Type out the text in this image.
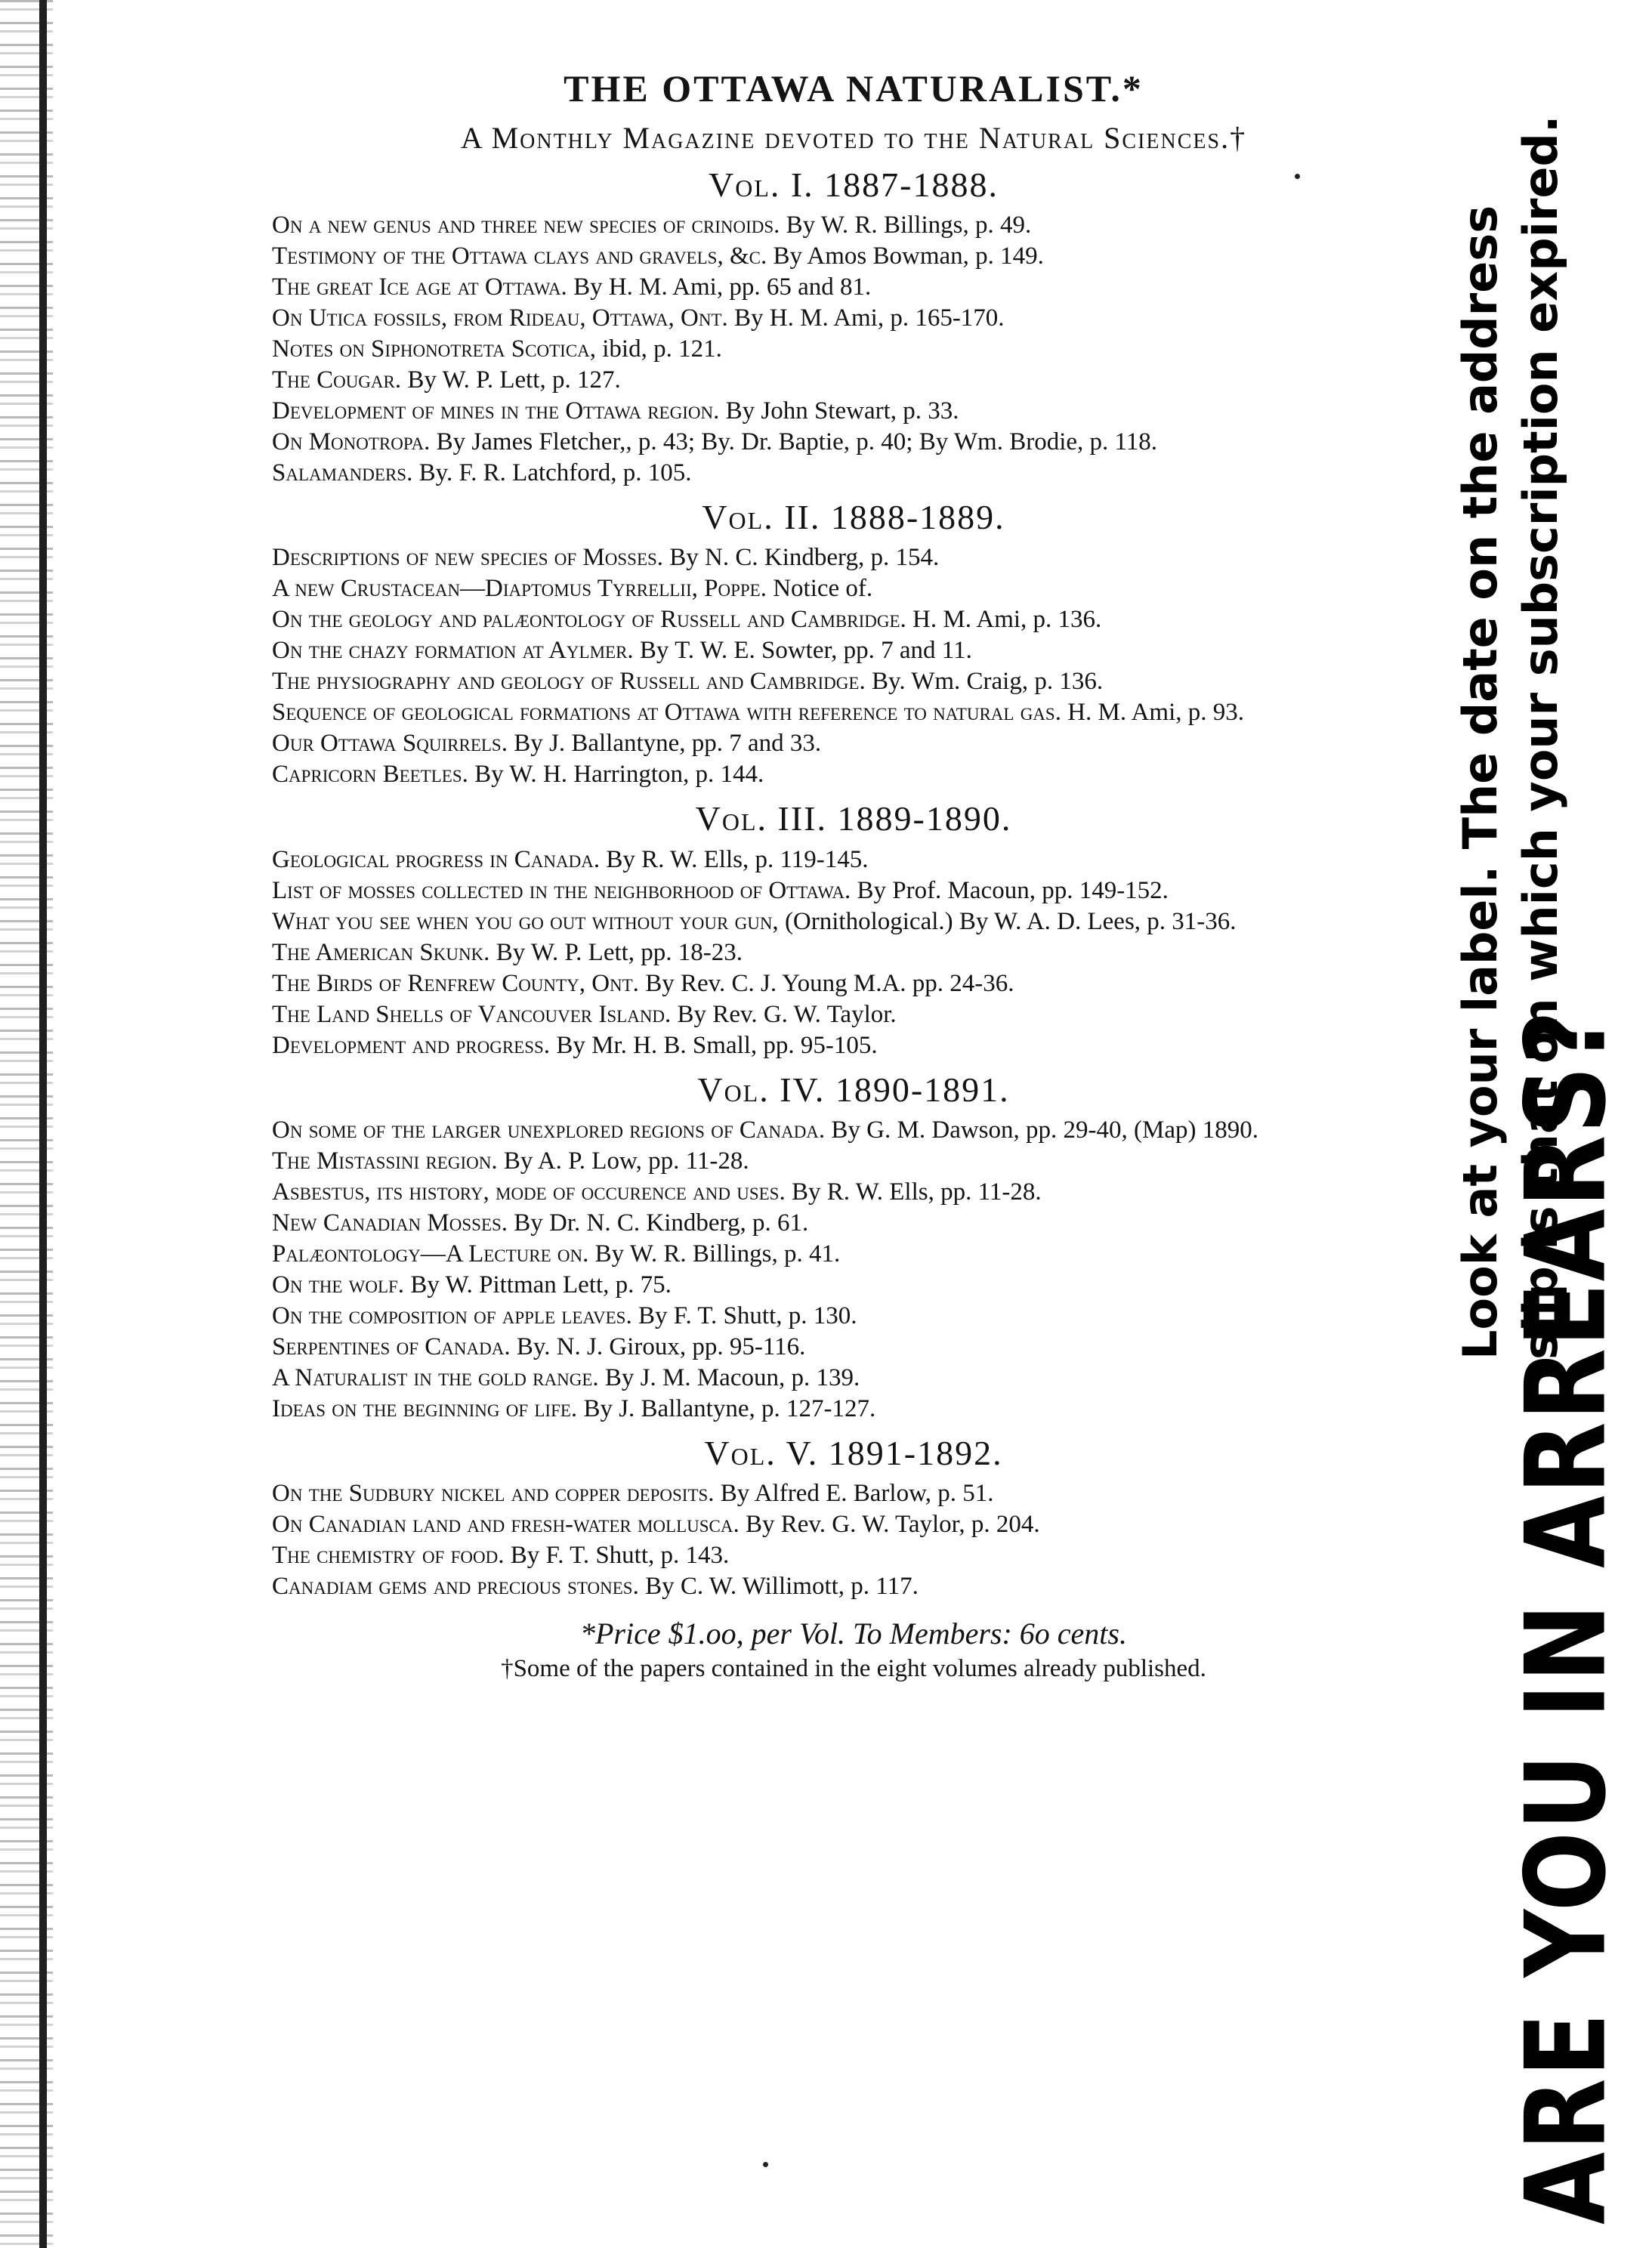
THE OTTAWA NATURALIST.*
A Monthly Magazine devoted to the Natural Sciences.†
Vol. I. 1887-1888.
On a new genus and three new species of crinoids. By W. R. Billings, p. 49.
Testimony of the Ottawa clays and gravels, &c. By Amos Bowman, p. 149.
The great Ice age at Ottawa. By H. M. Ami, pp. 65 and 81.
On Utica fossils, from Rideau, Ottawa, Ont. By H. M. Ami, p. 165-170.
Notes on Siphonotreta Scotica, ibid, p. 121.
The Cougar. By W. P. Lett, p. 127.
Development of mines in the Ottawa region. By John Stewart, p. 33.
On Monotropa. By James Fletcher,, p. 43; By. Dr. Baptie, p. 40; By Wm. Brodie, p. 118.
Salamanders. By. F. R. Latchford, p. 105.
Vol. II. 1888-1889.
Descriptions of new species of Mosses. By N. C. Kindberg, p. 154.
A new Crustacean—Diaptomus Tyrrellii, Poppe. Notice of.
On the geology and palæontology of Russell and Cambridge. H. M. Ami, p. 136.
On the chazy formation at Aylmer. By T. W. E. Sowter, pp. 7 and 11.
The physiography and geology of Russell and Cambridge. By. Wm. Craig, p. 136.
Sequence of geological formations at Ottawa with reference to natural gas. H. M. Ami, p. 93.
Our Ottawa Squirrels. By J. Ballantyne, pp. 7 and 33.
Capricorn Beetles. By W. H. Harrington, p. 144.
Vol. III. 1889-1890.
Geological progress in Canada. By R. W. Ells, p. 119-145.
List of mosses collected in the neighborhood of Ottawa. By Prof. Macoun, pp. 149-152.
What you see when you go out without your gun, (Ornithological.) By W. A. D. Lees, p. 31-36.
The American Skunk. By W. P. Lett, pp. 18-23.
The Birds of Renfrew County, Ont. By Rev. C. J. Young M.A. pp. 24-36.
The Land Shells of Vancouver Island. By Rev. G. W. Taylor.
Development and progress. By Mr. H. B. Small, pp. 95-105.
Vol. IV. 1890-1891.
On some of the larger unexplored regions of Canada. By G. M. Dawson, pp. 29-40, (Map) 1890.
The Mistassini region. By A. P. Low, pp. 11-28.
Asbestus, its history, mode of occurence and uses. By R. W. Ells, pp. 11-28.
New Canadian Mosses. By Dr. N. C. Kindberg, p. 61.
Palæontology—A Lecture on. By W. R. Billings, p. 41.
On the wolf. By W. Pittman Lett, p. 75.
On the composition of apple leaves. By F. T. Shutt, p. 130.
Serpentines of Canada. By. N. J. Giroux, pp. 95-116.
A Naturalist in the gold range. By J. M. Macoun, p. 139.
Ideas on the beginning of life. By J. Ballantyne, p. 127-127.
Vol. V. 1891-1892.
On the Sudbury nickel and copper deposits. By Alfred E. Barlow, p. 51.
On Canadian land and fresh-water mollusca. By Rev. G. W. Taylor, p. 204.
The chemistry of food. By F. T. Shutt, p. 143.
Canadiam gems and precious stones. By C. W. Willimott, p. 117.
*Price $1.oo, per Vol. To Members: 6o cents.
†Some of the papers contained in the eight volumes already published.	ARE YOU IN ARREARS?
Look at your label. The date on the address slip is that on which your subscription expired.
